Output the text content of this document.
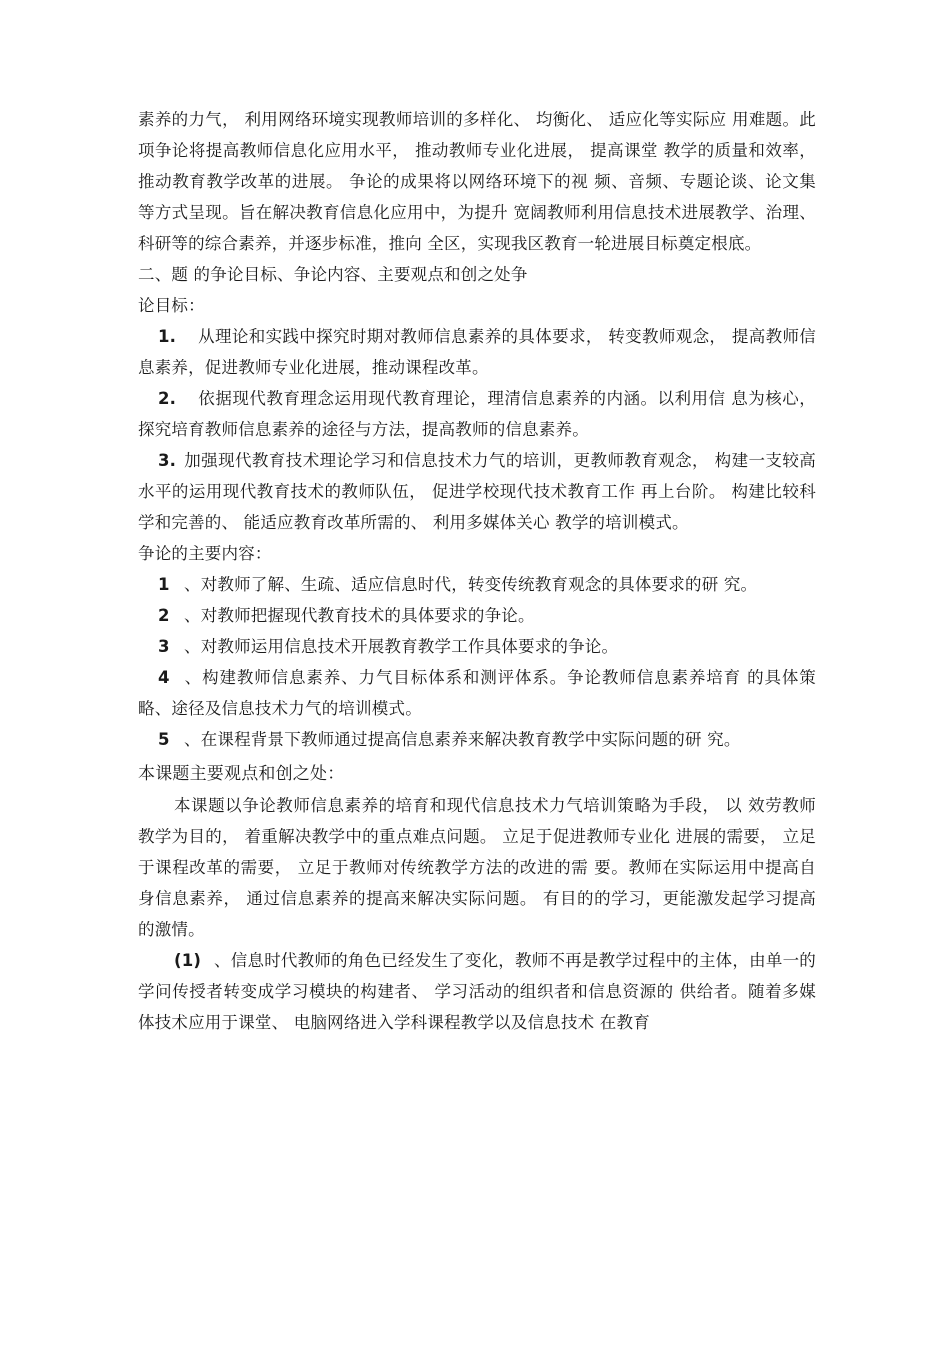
素养的力气， 利用网络环境实现教师培训的多样化、 均衡化、 适应化等实际应 用难题。此项争论将提高教师信息化应用水平， 推动教师专业化进展， 提高课堂 教学的质量和效率， 推动教育教学改革的进展。 争论的成果将以网络环境下的视 频、音频、专题论谈、论文集等方式呈现。旨在解决教育信息化应用中，为提升 宽阔教师利用信息技术进展教学、治理、科研等的综合素养，并逐步标准，推向 全区，实现我区教育一轮进展目标奠定根底。

二、题 的争论目标、争论内容、主要观点和创之处争

论目标：

1. 从理论和实践中探究时期对教师信息素养的具体要求， 转变教师观念， 提高教师信息素养，促进教师专业化进展，推动课程改革。

2. 依据现代教育理念运用现代教育理论，理清信息素养的内涵。以利用信 息为核心，探究培育教师信息素养的途径与方法，提高教师的信息素养。

3. 加强现代教育技术理论学习和信息技术力气的培训，更教师教育观念， 构建一支较高水平的运用现代教育技术的教师队伍， 促进学校现代技术教育工作 再上台阶。 构建比较科学和完善的、 能适应教育改革所需的、 利用多媒体关心 教学的培训模式。

争论的主要内容：

1 、对教师了解、生疏、适应信息时代，转变传统教育观念的具体要求的研 究。

2 、对教师把握现代教育技术的具体要求的争论。

3 、对教师运用信息技术开展教育教学工作具体要求的争论。

4 、构建教师信息素养、力气目标体系和测评体系。争论教师信息素养培育 的具体策略、途径及信息技术力气的培训模式。

5 、在课程背景下教师通过提高信息素养来解决教育教学中实际问题的研 究。

本课题主要观点和创之处：

本课题以争论教师信息素养的培育和现代信息技术力气培训策略为手段， 以 效劳教师教学为目的， 着重解决教学中的重点难点问题。 立足于促进教师专业化 进展的需要， 立足于课程改革的需要， 立足于教师对传统教学方法的改进的需 要。教师在实际运用中提高自身信息素养， 通过信息素养的提高来解决实际问题。 有目的的学习，更能激发起学习提高的激情。

(1) 、信息时代教师的角色已经发生了变化，教师不再是教学过程中的主体，由单一的学问传授者转变成学习模块的构建者、 学习活动的组织者和信息资源的 供给者。随着多媒体技术应用于课堂、 电脑网络进入学科课程教学以及信息技术 在教育
